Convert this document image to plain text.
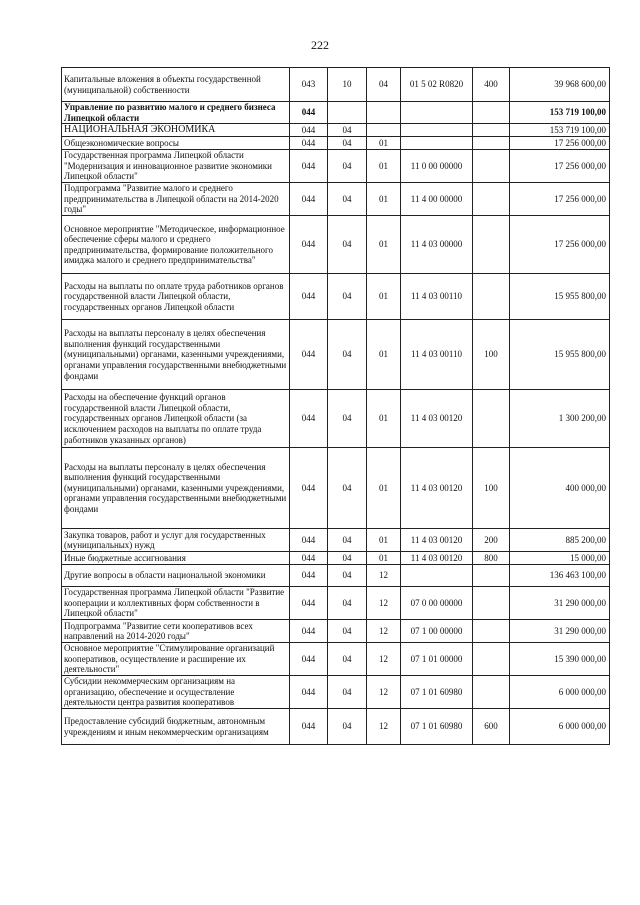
222
Капитальные вложения в объекты государственной (муниципальной) собственности	043	10	04	01 5 02 R0820	400	39 968 600,00
Управление по развитию малого и среднего бизнеса Липецкой области	044					153 719 100,00
НАЦИОНАЛЬНАЯ ЭКОНОМИКА	044	04				153 719 100,00
Общеэкономические вопросы	044	04	01			17 256 000,00
Государственная программа Липецкой области "Модернизация и инновационное развитие экономики Липецкой области"	044	04	01	11 0 00 00000		17 256 000,00
Подпрограмма "Развитие малого и среднего предпринимательства в Липецкой области на 2014-2020 годы"	044	04	01	11 4 00 00000		17 256 000,00
Основное мероприятие "Методическое, информационное обеспечение сферы малого и среднего предпринимательства, формирование положительного имиджа малого и среднего предпринимательства"	044	04	01	11 4 03 00000		17 256 000,00
Расходы на выплаты по оплате труда работников органов государственной власти Липецкой области, государственных органов Липецкой области	044	04	01	11 4 03 00110		15 955 800,00
Расходы на выплаты персоналу в целях обеспечения выполнения функций государственными (муниципальными) органами, казенными учреждениями, органами управления государственными внебюджетными фондами	044	04	01	11 4 03 00110	100	15 955 800,00
Расходы на обеспечение функций органов государственной власти Липецкой области, государственных органов Липецкой области (за исключением расходов на выплаты по оплате труда работников указанных органов)	044	04	01	11 4 03 00120		1 300 200,00
Расходы на выплаты персоналу в целях обеспечения выполнения функций государственными (муниципальными) органами, казенными учреждениями, органами управления государственными внебюджетными фондами	044	04	01	11 4 03 00120	100	400 000,00
Закупка товаров, работ и услуг для государственных (муниципальных) нужд	044	04	01	11 4 03 00120	200	885 200,00
Иные бюджетные ассигнования	044	04	01	11 4 03 00120	800	15 000,00
Другие вопросы в области национальной экономики	044	04	12			136 463 100,00
Государственная программа Липецкой области "Развитие кооперации и коллективных форм собственности в Липецкой области"	044	04	12	07 0 00 00000		31 290 000,00
Подпрограмма "Развитие сети кооперативов всех направлений на 2014-2020 годы"	044	04	12	07 1 00 00000		31 290 000,00
Основное мероприятие "Стимулирование организаций кооперативов, осуществление и расширение их деятельности"	044	04	12	07 1 01 00000		15 390 000,00
Субсидии некоммерческим организациям на организацию, обеспечение и осуществление деятельности центра развития кооперативов	044	04	12	07 1 01 60980		6 000 000,00
Предоставление субсидий бюджетным, автономным учреждениям и иным некоммерческим организациям	044	04	12	07 1 01 60980	600	6 000 000,00
